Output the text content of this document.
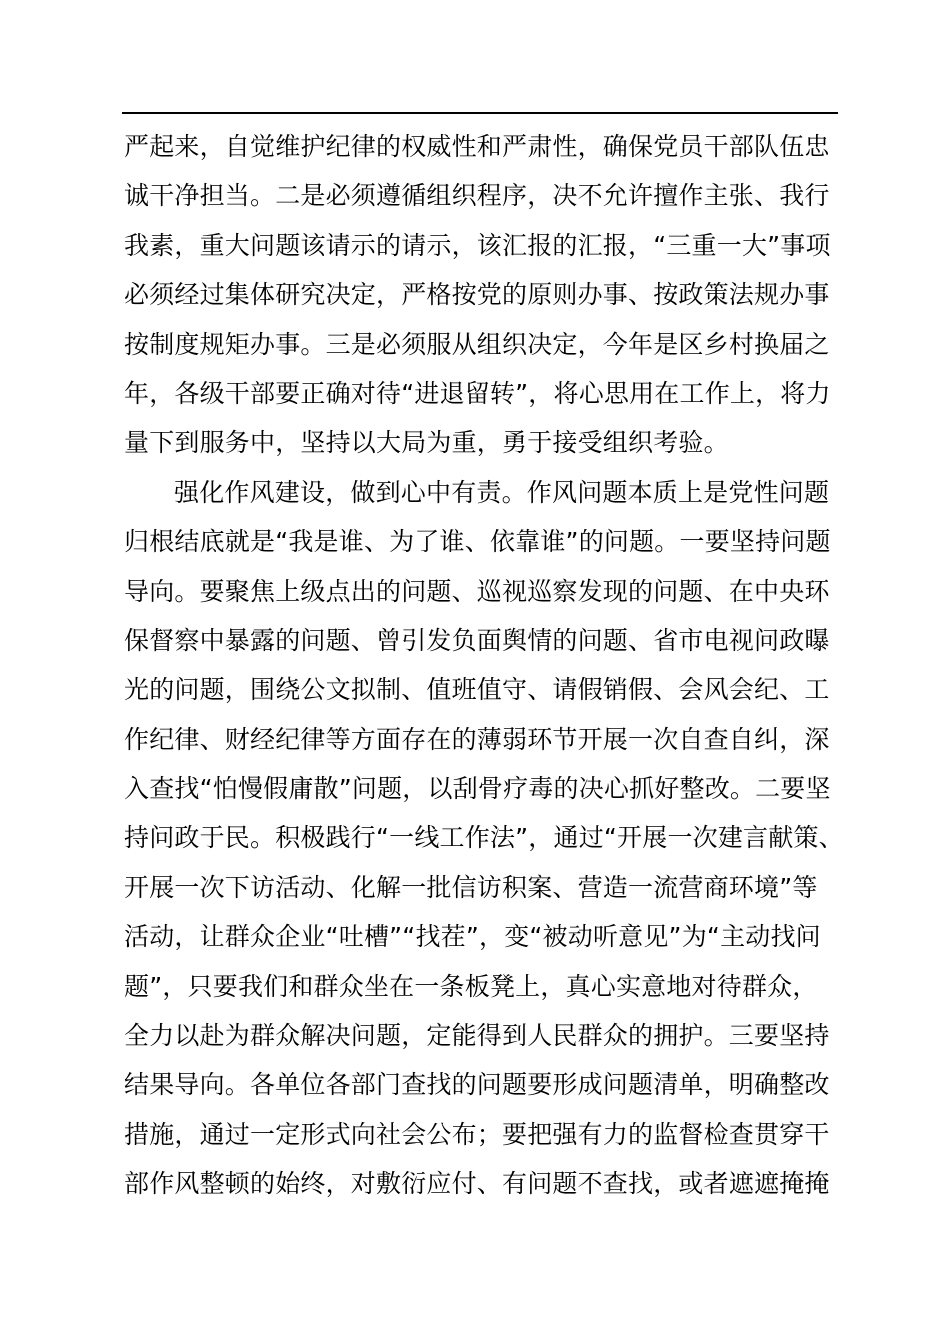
严起来，自觉维护纪律的权威性和严肃性，确保党员干部队伍忠
诚干净担当。二是必须遵循组织程序，决不允许擅作主张、我行
我素，重大问题该请示的请示，该汇报的汇报，“三重一大”事项
必须经过集体研究决定，严格按党的原则办事、按政策法规办事
按制度规矩办事。三是必须服从组织决定，今年是区乡村换届之
年，各级干部要正确对待“进退留转”，将心思用在工作上，将力
量下到服务中，坚持以大局为重，勇于接受组织考验。
强化作风建设，做到心中有责。作风问题本质上是党性问题
归根结底就是“我是谁、为了谁、依靠谁”的问题。一要坚持问题
导向。要聚焦上级点出的问题、巡视巡察发现的问题、在中央环
保督察中暴露的问题、曾引发负面舆情的问题、省市电视问政曝
光的问题，围绕公文拟制、值班值守、请假销假、会风会纪、工
作纪律、财经纪律等方面存在的薄弱环节开展一次自查自纠，深
入查找“怕慢假庸散”问题，以刮骨疗毒的决心抓好整改。二要坚
持问政于民。积极践行“一线工作法”，通过“开展一次建言献策、
开展一次下访活动、化解一批信访积案、营造一流营商环境”等
活动，让群众企业“吐槽”“找茬”，变“被动听意见”为“主动找问
题”，只要我们和群众坐在一条板凳上，真心实意地对待群众，
全力以赴为群众解决问题，定能得到人民群众的拥护。三要坚持
结果导向。各单位各部门查找的问题要形成问题清单，明确整改
措施，通过一定形式向社会公布；要把强有力的监督检查贯穿干
部作风整顿的始终，对敷衍应付、有问题不查找，或者遮遮掩掩
